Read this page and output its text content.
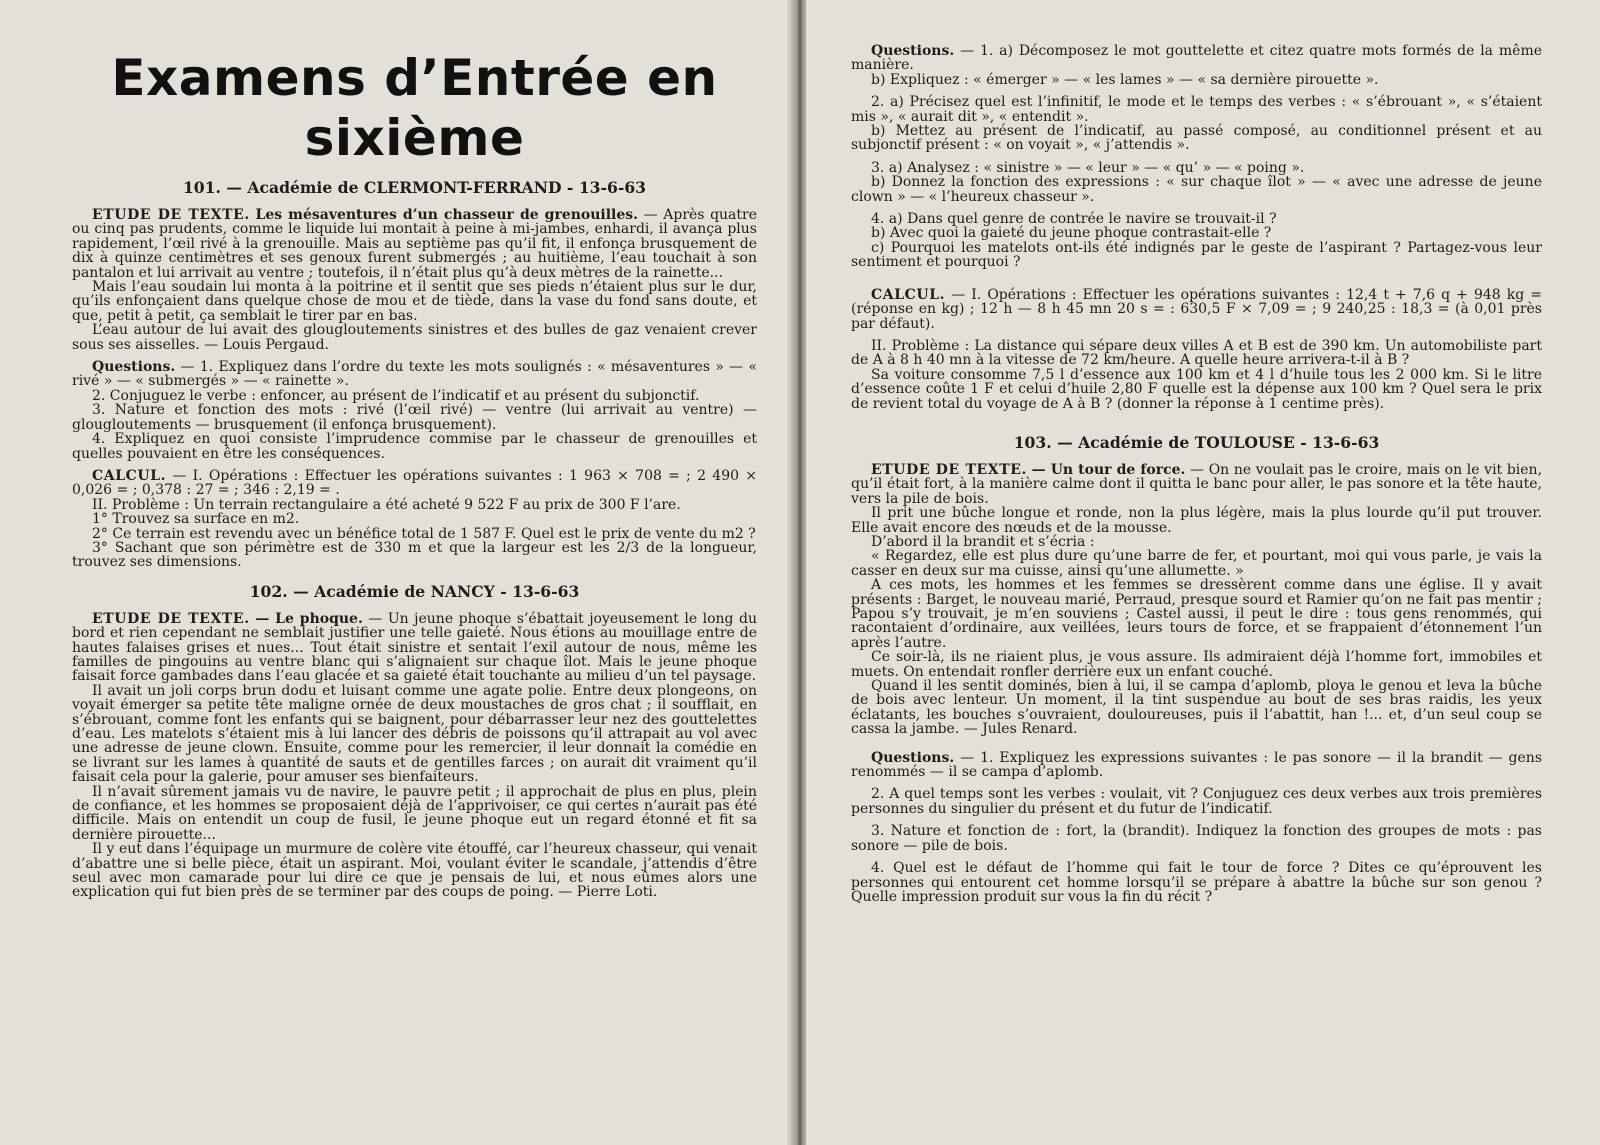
Examens d’Entrée en sixième
101. — Académie de CLERMONT-FERRAND - 13-6-63

ETUDE DE TEXTE. Les mésaventures d’un chasseur de grenouilles. — Après quatre ou cinq pas prudents, comme le liquide lui montait à peine à mi-jambes, enhardi, il avança plus rapidement, l’œil rivé à la grenouille. Mais au septième pas qu’il fit, il enfonça brusquement de dix à quinze centimètres et ses genoux furent submergés ; au huitième, l’eau touchait à son pantalon et lui arrivait au ventre ; toutefois, il n’était plus qu’à deux mètres de la rainette...

Mais l’eau soudain lui monta à la poitrine et il sentit que ses pieds n’étaient plus sur le dur, qu’ils enfonçaient dans quelque chose de mou et de tiède, dans la vase du fond sans doute, et que, petit à petit, ça semblait le tirer par en bas.

L’eau autour de lui avait des glougloutements sinistres et des bulles de gaz venaient crever sous ses aisselles. — Louis Pergaud.

Questions. — 1. Expliquez dans l’ordre du texte les mots soulignés : « mésaventures » — « rivé » — « submergés » — « rainette ».

2. Conjuguez le verbe : enfoncer, au présent de l’indicatif et au présent du subjonctif.

3. Nature et fonction des mots : rivé (l’œil rivé) — ventre (lui arrivait au ventre) — glougloutements — brusquement (il enfonça brusquement).

4. Expliquez en quoi consiste l’imprudence commise par le chasseur de grenouilles et quelles pouvaient en être les conséquences.

CALCUL. — I. Opérations : Effectuer les opérations suivantes : 1 963 × 708 = ; 2 490 × 0,026 = ; 0,378 : 27 = ; 346 : 2,19 = .

II. Problème : Un terrain rectangulaire a été acheté 9 522 F au prix de 300 F l’are.

1° Trouvez sa surface en m2.

2° Ce terrain est revendu avec un bénéfice total de 1 587 F. Quel est le prix de vente du m2 ?

3° Sachant que son périmètre est de 330 m et que la largeur est les 2/3 de la longueur, trouvez ses dimensions.

102. — Académie de NANCY - 13-6-63

ETUDE DE TEXTE. — Le phoque. — Un jeune phoque s’ébattait joyeusement le long du bord et rien cependant ne semblait justifier une telle gaieté. Nous étions au mouillage entre de hautes falaises grises et nues... Tout était sinistre et sentait l’exil autour de nous, même les familles de pingouins au ventre blanc qui s’alignaient sur chaque îlot. Mais le jeune phoque faisait force gambades dans l’eau glacée et sa gaieté était touchante au milieu d’un tel paysage.

Il avait un joli corps brun dodu et luisant comme une agate polie. Entre deux plongeons, on voyait émerger sa petite tête maligne ornée de deux moustaches de gros chat ; il soufflait, en s’ébrouant, comme font les enfants qui se baignent, pour débarrasser leur nez des gouttelettes d’eau. Les matelots s’étaient mis à lui lancer des débris de poissons qu’il attrapait au vol avec une adresse de jeune clown. Ensuite, comme pour les remercier, il leur donnait la comédie en se livrant sur les lames à quantité de sauts et de gentilles farces ; on aurait dit vraiment qu’il faisait cela pour la galerie, pour amuser ses bienfaiteurs.

Il n’avait sûrement jamais vu de navire, le pauvre petit ; il approchait de plus en plus, plein de confiance, et les hommes se proposaient déjà de l’apprivoiser, ce qui certes n’aurait pas été difficile. Mais on entendit un coup de fusil, le jeune phoque eut un regard étonné et fit sa dernière pirouette...

Il y eut dans l’équipage un murmure de colère vite étouffé, car l’heureux chasseur, qui venait d’abattre une si belle pièce, était un aspirant. Moi, voulant éviter le scandale, j’attendis d’être seul avec mon camarade pour lui dire ce que je pensais de lui, et nous eûmes alors une explication qui fut bien près de se terminer par des coups de poing. — Pierre Loti.

Questions. — 1. a) Décomposez le mot gouttelette et citez quatre mots formés de la même manière.

b) Expliquez : « émerger » — « les lames » — « sa dernière pirouette ».

2. a) Précisez quel est l’infinitif, le mode et le temps des verbes : « s’ébrouant », « s’étaient mis », « aurait dit », « entendit ».

b) Mettez au présent de l’indicatif, au passé composé, au conditionnel présent et au subjonctif présent : « on voyait », « j’attendis ».

3. a) Analysez : « sinistre » — « leur » — « qu’ » — « poing ».

b) Donnez la fonction des expressions : « sur chaque îlot » — « avec une adresse de jeune clown » — « l’heureux chasseur ».

4. a) Dans quel genre de contrée le navire se trouvait-il ?

b) Avec quoi la gaieté du jeune phoque contrastait-elle ?

c) Pourquoi les matelots ont-ils été indignés par le geste de l’aspirant ? Partagez-vous leur sentiment et pourquoi ?

CALCUL. — I. Opérations : Effectuer les opérations suivantes : 12,4 t + 7,6 q + 948 kg = (réponse en kg) ; 12 h — 8 h 45 mn 20 s = : 630,5 F × 7,09 = ; 9 240,25 : 18,3 = (à 0,01 près par défaut).

II. Problème : La distance qui sépare deux villes A et B est de 390 km. Un automobiliste part de A à 8 h 40 mn à la vitesse de 72 km/heure. A quelle heure arrivera-t-il à B ?

Sa voiture consomme 7,5 l d’essence aux 100 km et 4 l d’huile tous les 2 000 km. Si le litre d’essence coûte 1 F et celui d’huile 2,80 F quelle est la dépense aux 100 km ? Quel sera le prix de revient total du voyage de A à B ? (donner la réponse à 1 centime près).

103. — Académie de TOULOUSE - 13-6-63

ETUDE DE TEXTE. — Un tour de force. — On ne voulait pas le croire, mais on le vit bien, qu’il était fort, à la manière calme dont il quitta le banc pour aller, le pas sonore et la tête haute, vers la pile de bois.

Il prit une bûche longue et ronde, non la plus légère, mais la plus lourde qu’il put trouver. Elle avait encore des nœuds et de la mousse.

D’abord il la brandit et s’écria :

« Regardez, elle est plus dure qu’une barre de fer, et pourtant, moi qui vous parle, je vais la casser en deux sur ma cuisse, ainsi qu’une allumette. »

A ces mots, les hommes et les femmes se dressèrent comme dans une église. Il y avait présents : Barget, le nouveau marié, Perraud, presque sourd et Ramier qu’on ne fait pas mentir ; Papou s’y trouvait, je m’en souviens ; Castel aussi, il peut le dire : tous gens renommés, qui racontaient d’ordinaire, aux veillées, leurs tours de force, et se frappaient d’étonnement l’un après l’autre.

Ce soir-là, ils ne riaient plus, je vous assure. Ils admiraient déjà l’homme fort, immobiles et muets. On entendait ronfler derrière eux un enfant couché.

Quand il les sentit dominés, bien à lui, il se campa d’aplomb, ploya le genou et leva la bûche de bois avec lenteur. Un moment, il la tint suspendue au bout de ses bras raidis, les yeux éclatants, les bouches s’ouvraient, douloureuses, puis il l’abattit, han !... et, d’un seul coup se cassa la jambe. — Jules Renard.

Questions. — 1. Expliquez les expressions suivantes : le pas sonore — il la brandit — gens renommés — il se campa d’aplomb.

2. A quel temps sont les verbes : voulait, vit ? Conjuguez ces deux verbes aux trois premières personnes du singulier du présent et du futur de l’indicatif.

3. Nature et fonction de : fort, la (brandit). Indiquez la fonction des groupes de mots : pas sonore — pile de bois.

4. Quel est le défaut de l’homme qui fait le tour de force ? Dites ce qu’éprouvent les personnes qui entourent cet homme lorsqu’il se prépare à abattre la bûche sur son genou ? Quelle impression produit sur vous la fin du récit ?
